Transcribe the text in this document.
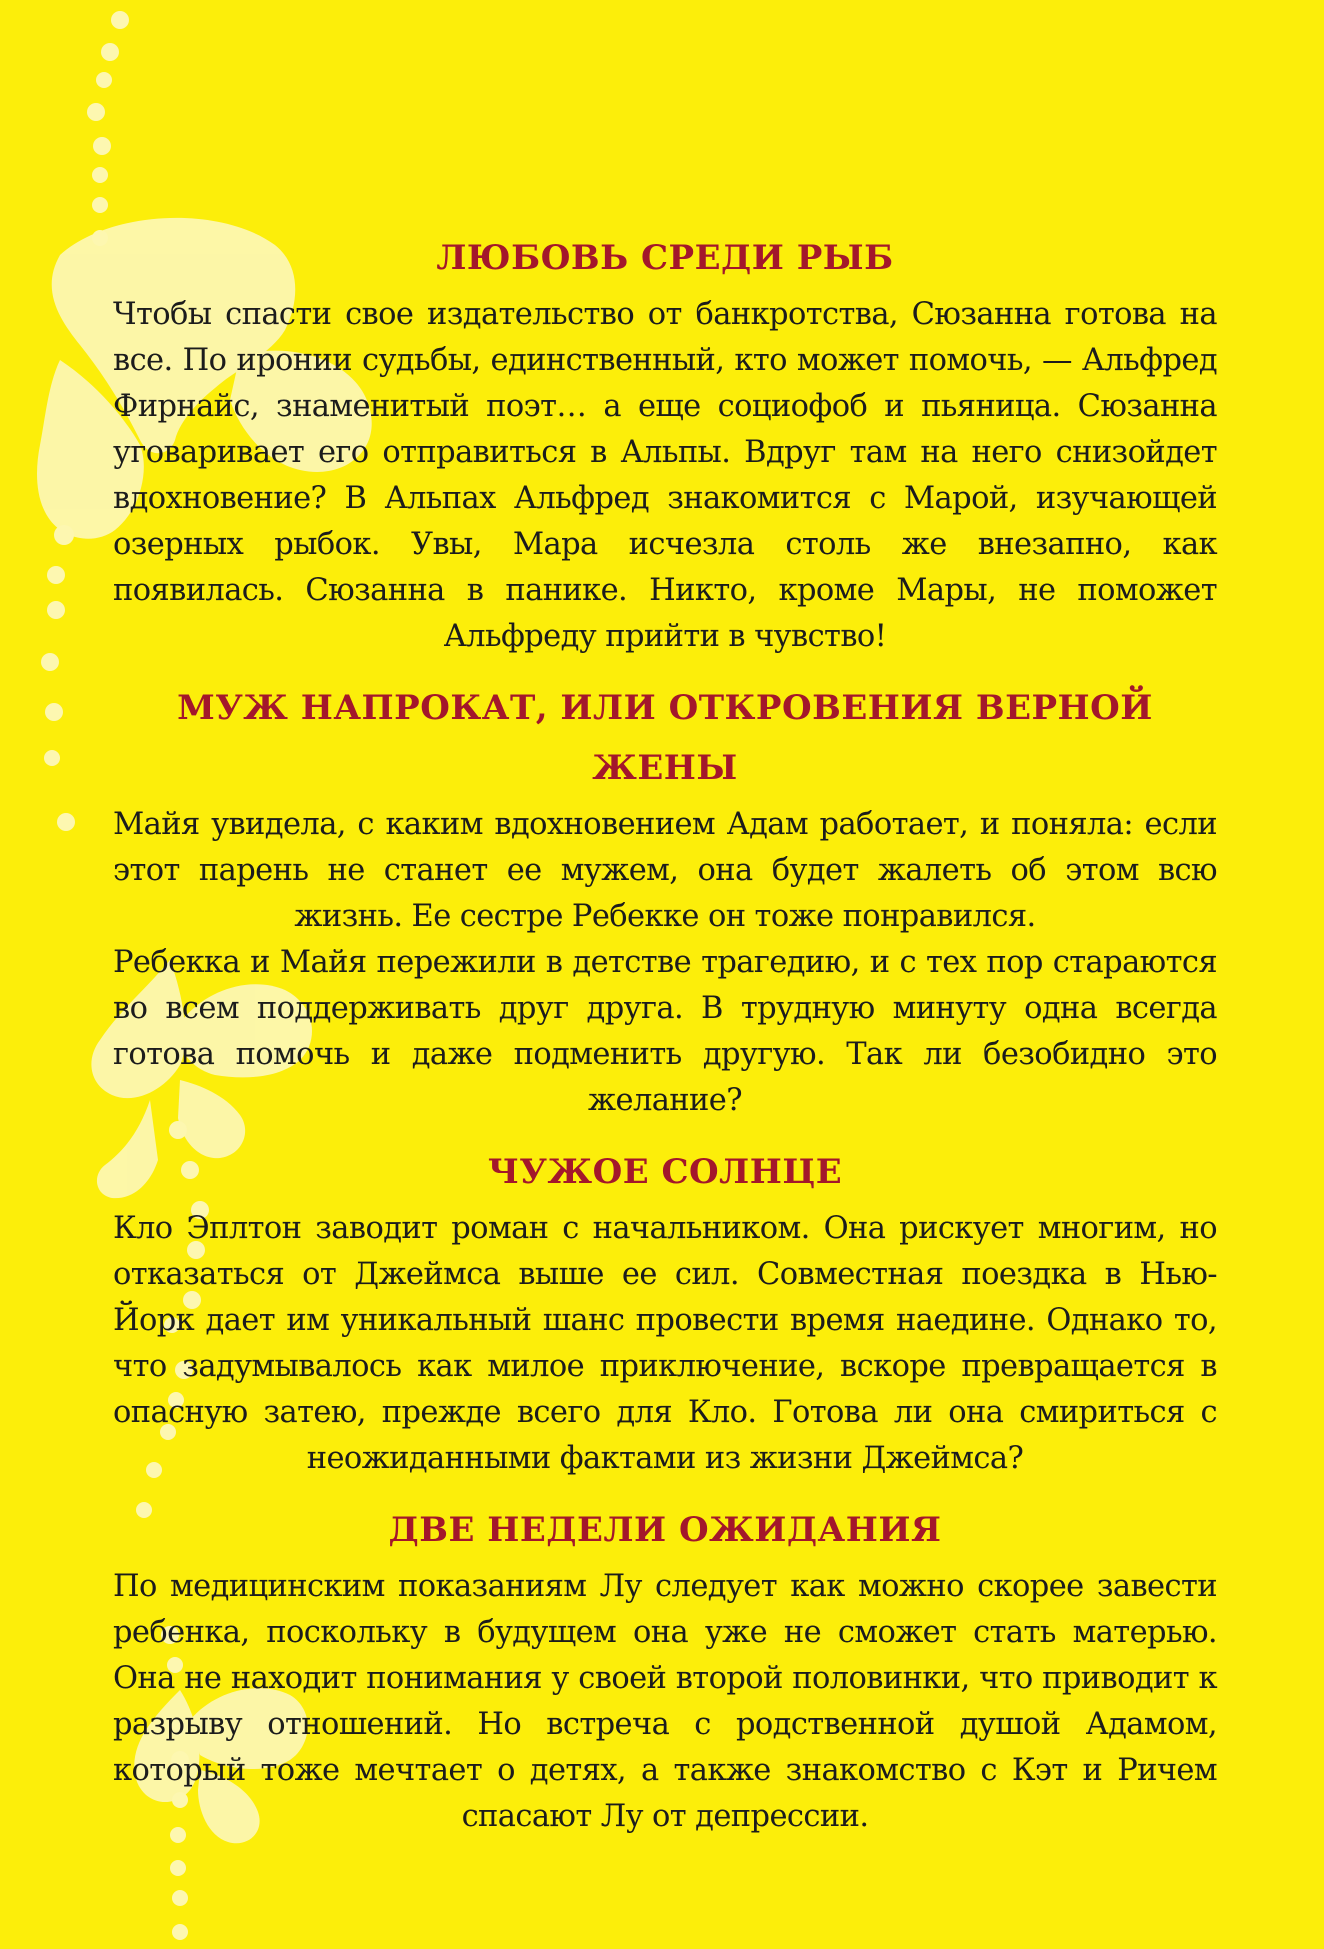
ЛЮБОВЬ СРЕДИ РЫБ

Чтобы спасти свое издательство от банкротства, Сюзанна готова на все. По иронии судьбы, единственный, кто может помочь, — Альфред Фирнайс, знаменитый поэт… а еще социофоб и пьяница. Сюзанна уговаривает его отправиться в Альпы. Вдруг там на него снизойдет вдохновение? В Альпах Альфред знакомится с Марой, изучающей озерных рыбок. Увы, Мара исчезла столь же внезапно, как появилась. Сюзанна в панике. Никто, кроме Мары, не поможет Альфреду прийти в чувство!

МУЖ НАПРОКАТ, ИЛИ ОТКРОВЕНИЯ ВЕРНОЙ ЖЕНЫ

Майя увидела, с каким вдохновением Адам работает, и поняла: если этот парень не станет ее мужем, она будет жалеть об этом всю жизнь. Ее сестре Ребекке он тоже понравился.

Ребекка и Майя пережили в детстве трагедию, и с тех пор стараются во всем поддерживать друг друга. В трудную минуту одна всегда готова помочь и даже подменить другую. Так ли безобидно это желание?

ЧУЖОЕ СОЛНЦЕ

Кло Эплтон заводит роман с начальником. Она рискует многим, но отказаться от Джеймса выше ее сил. Совместная поездка в Нью-Йорк дает им уникальный шанс провести время наедине. Однако то, что задумывалось как милое приключение, вскоре превращается в опасную затею, прежде всего для Кло. Готова ли она смириться с неожиданными фактами из жизни Джеймса?

ДВЕ НЕДЕЛИ ОЖИДАНИЯ

По медицинским показаниям Лу следует как можно скорее завести ребенка, поскольку в будущем она уже не сможет стать матерью. Она не находит понимания у своей второй половинки, что приводит к разрыву отношений. Но встреча с родственной душой Адамом, который тоже мечтает о детях, а также знакомство с Кэт и Ричем спасают Лу от депрессии.
